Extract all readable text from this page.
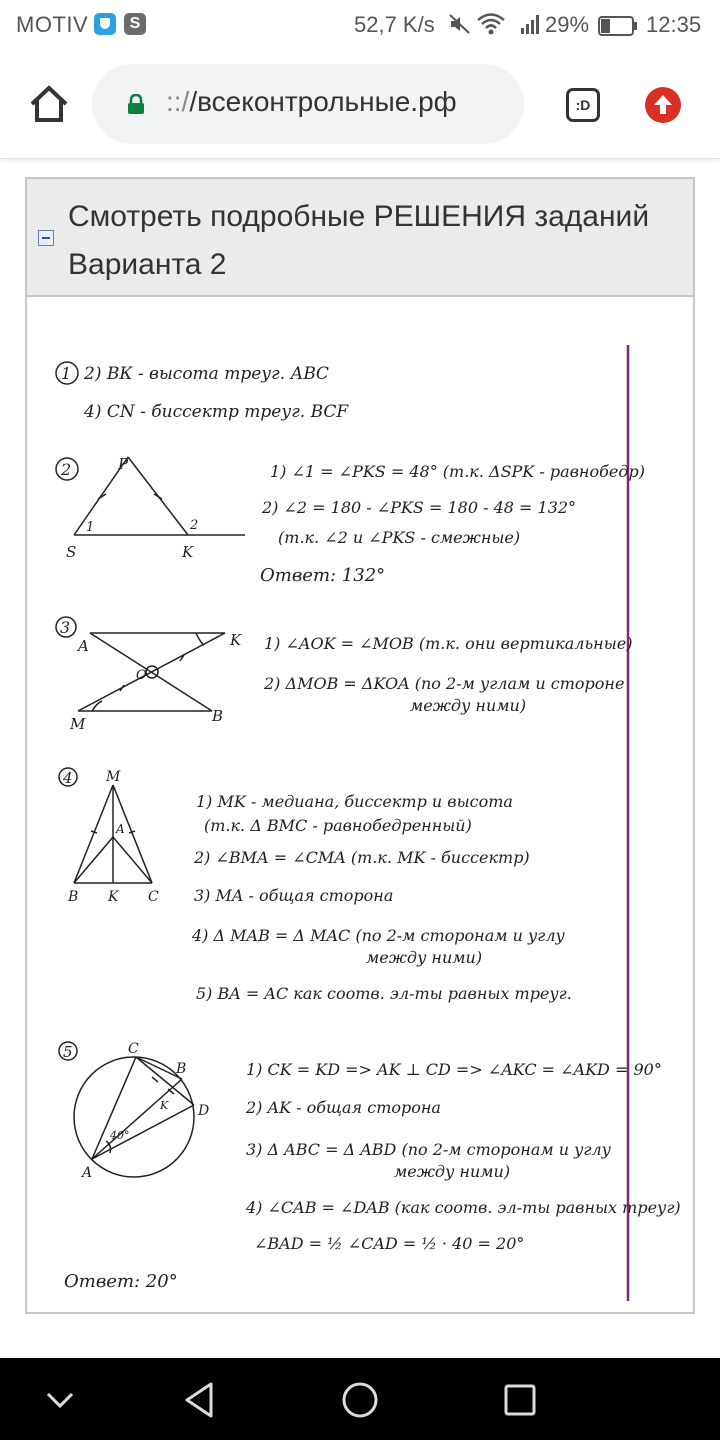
MOTIV	S	52,7 K/s	29%	12:35
:://всеконтрольные.рф	:D
Смотреть подробные РЕШЕНИЯ заданий Варианта 2
1 2) ВК - высота треуг. АВС
4) CN - биссектр треуг. BCF
2	P
S	K
1	2
1) ∠1 = ∠PKS = 48° (т.к. ΔSPK - равнобедр)
2) ∠2 = 180 - ∠PKS = 180 - 48 = 132°
(т.к. ∠2 и ∠PKS - смежные)
Ответ: 132°
3
A	K
O
M	B
1) ∠AOK = ∠MOB (т.к. они вертикальные)
2) ΔMOB = ΔKOA (по 2-м углам и стороне
между ними)
4 M
A
B K C
1) MK - медиана, биссектр и высота
(т.к. Δ BMC - равнобедренный)
2) ∠BMA = ∠CMA (т.к. MK - биссектр)
3) MA - общая сторона
4) Δ MAB = Δ MAC (по 2-м сторонам и углу
между ними)
5) BA = AC как соотв. эл-ты равных треуг.
5	C
B
D
A
K
40°
1) CK = KD => AK ⊥ CD => ∠AKC = ∠AKD = 90°
2) AK - общая сторона
3) Δ ABC = Δ ABD (по 2-м сторонам и углу
между ними)
4) ∠CAB = ∠DAB (как соотв. эл-ты равных треуг)
∠BAD = ½ ∠CAD = ½ · 40 = 20°
Ответ: 20°
